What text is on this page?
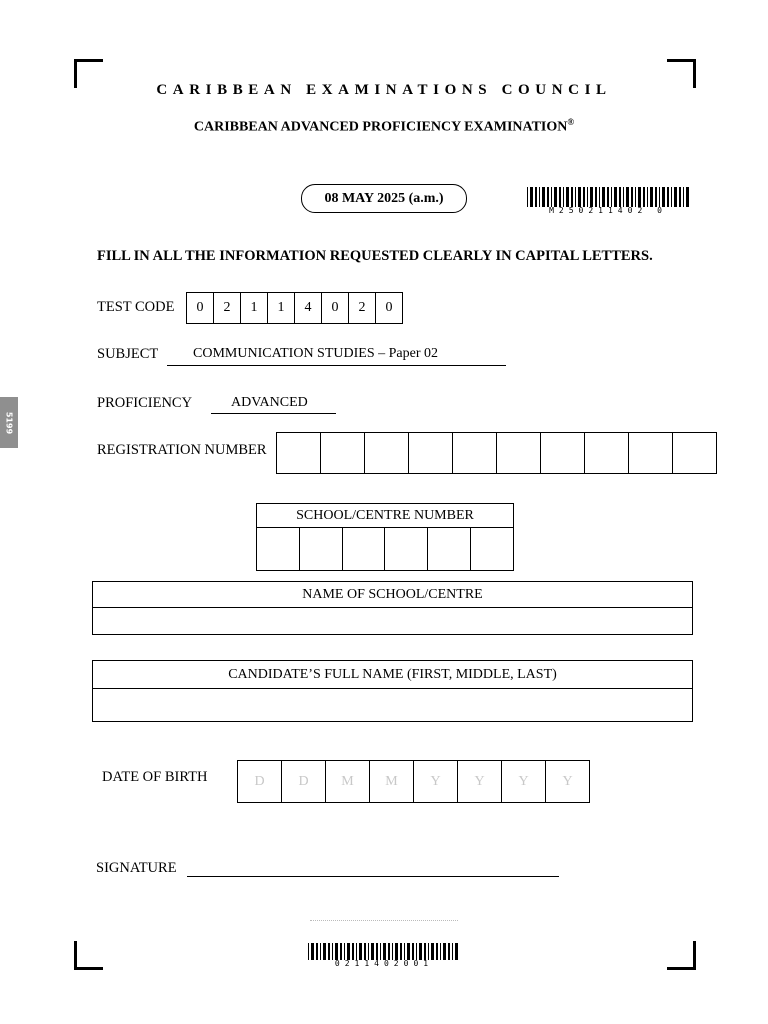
5199
CARIBBEAN EXAMINATIONS COUNCIL
CARIBBEAN ADVANCED PROFICIENCY EXAMINATION®
08 MAY 2025 (a.m.)
M250211402 0
FILL IN ALL THE INFORMATION REQUESTED CLEARLY IN CAPITAL LETTERS.
TEST CODE	0	2	1	1	4	0	2	0
SUBJECT COMMUNICATION STUDIES – Paper 02
PROFICIENCY	ADVANCED
REGISTRATION NUMBER
SCHOOL/CENTRE NUMBER
NAME OF SCHOOL/CENTRE
CANDIDATE’S FULL NAME (FIRST, MIDDLE, LAST)
DATE OF BIRTH	D	D	M	M	Y	Y	Y	Y
SIGNATURE
0211402001
